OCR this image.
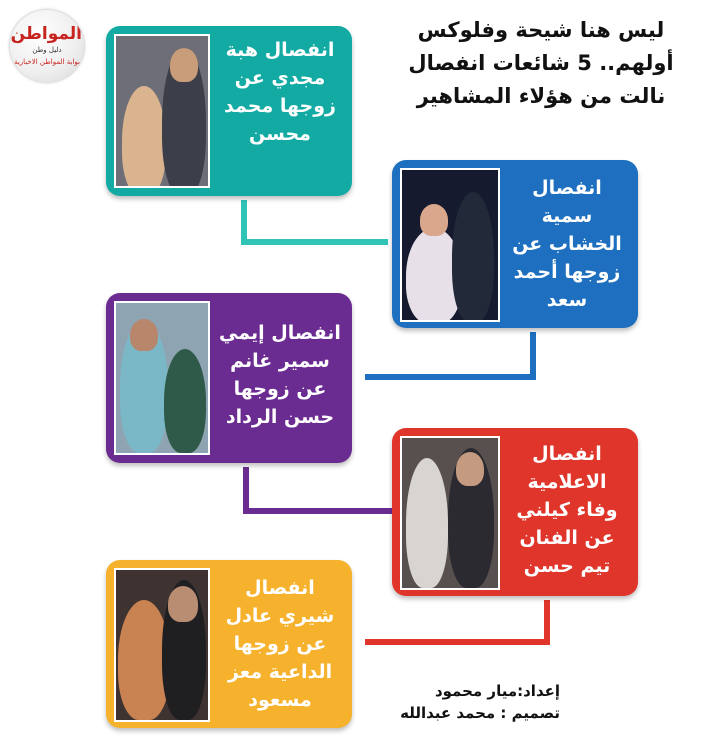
المواطن
دليل وطن
بوابة المواطن الاخبارية
ليس هنا شيحة وفلوكس
أولهم.. 5 شائعات انفصال
نالت من هؤلاء المشاهير
انفصال هبة مجدي عن زوجها محمد محسن
انفصال سمية الخشاب عن زوجها أحمد سعد
انفصال إيمي سمير غانم عن زوجها حسن الرداد
انفصال الاعلامية وفاء كيلني عن الفنان تيم حسن
انفصال شيري عادل عن زوجها الداعية معز مسعود	إعداد:ميار محمود
تصميم : محمد عبدالله
